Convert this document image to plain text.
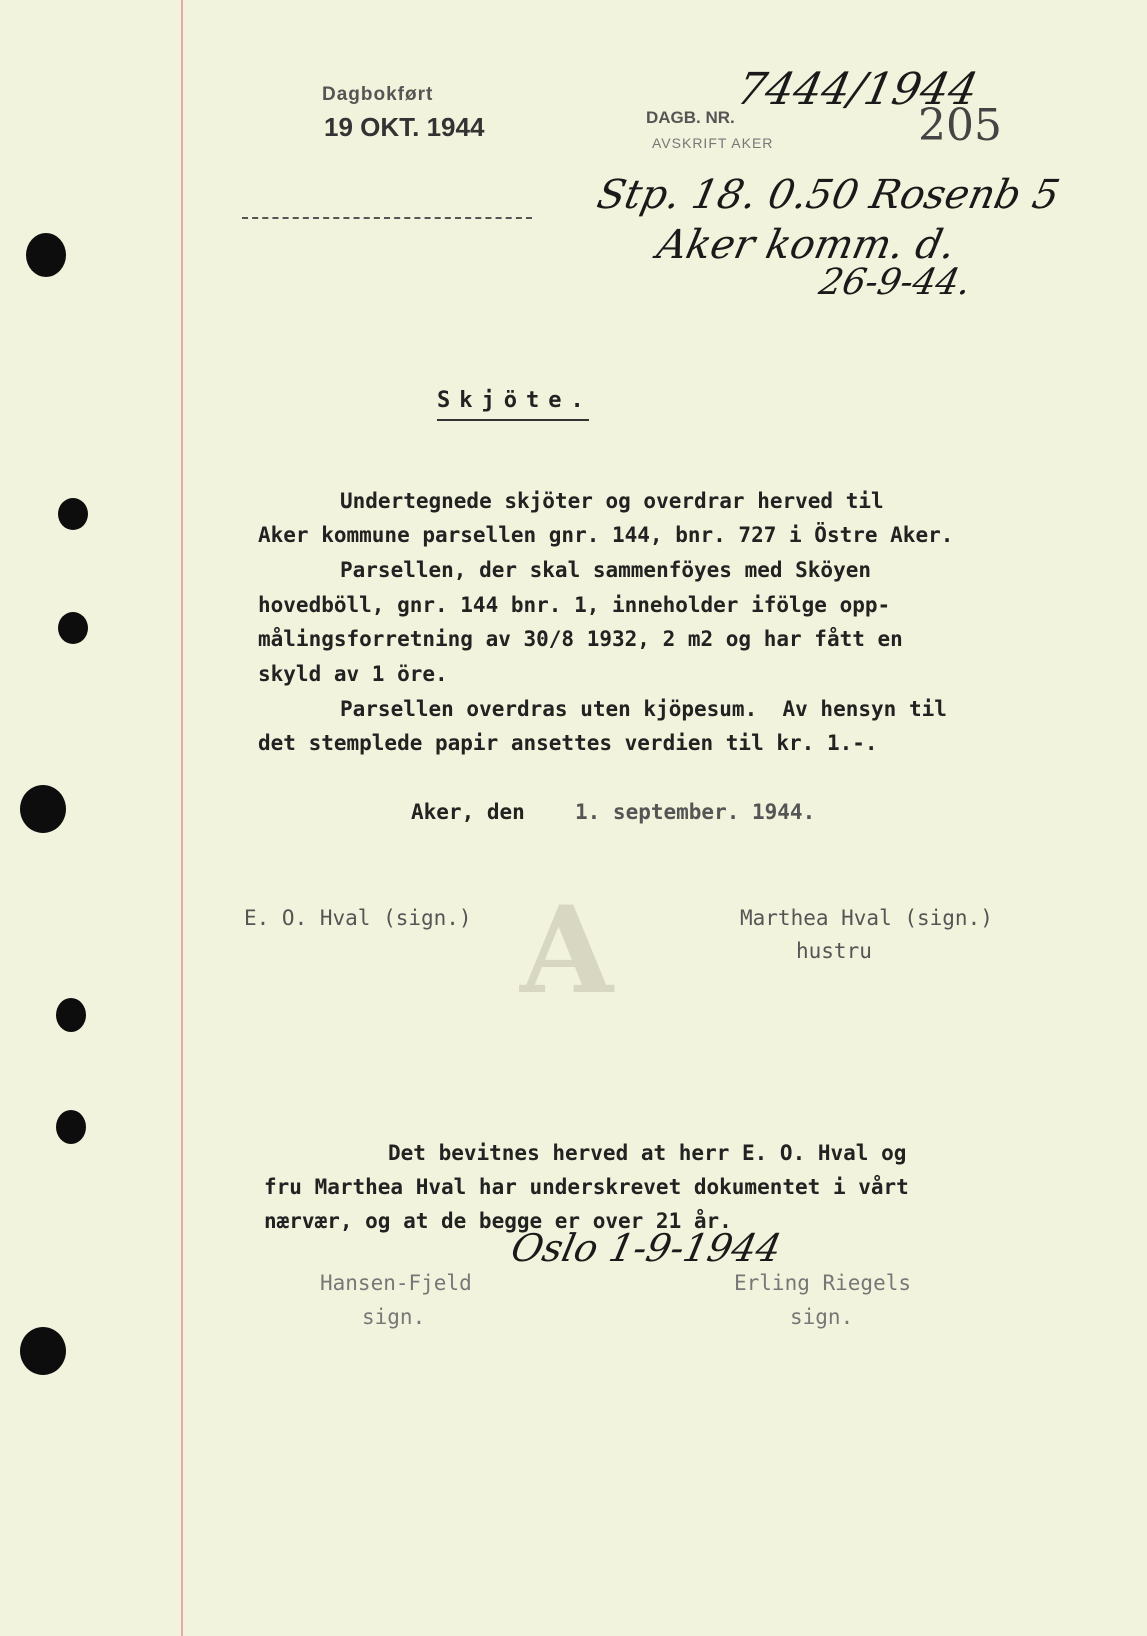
Dagbokført
19 OKT. 1944	DAGB. NR.
7444/1944
AVSKRIFT AKER	205
Stp. 18. 0.50 Rosenb 5
Aker komm. d.
26-9-44.
A
Skjöte.
Undertegnede skjöter og overdrar herved til
Aker kommune parsellen gnr. 144, bnr. 727 i Östre Aker.
Parsellen, der skal sammenföyes med Sköyen
hovedböll, gnr. 144 bnr. 1, inneholder ifölge opp-
målingsforretning av 30/8 1932, 2 m2 og har fått en
skyld av 1 öre.
Parsellen overdras uten kjöpesum.  Av hensyn til
det stemplede papir ansettes verdien til kr. 1.-.
Aker, den 1. september. 1944.
E. O. Hval (sign.)	Marthea Hval (sign.)
hustru
Det bevitnes herved at herr E. O. Hval og
fru Marthea Hval har underskrevet dokumentet i vårt
nærvær, og at de begge er over 21 år.
Oslo 1-9-1944
Hansen-Fjeld
sign.
Erling Riegels
sign.
